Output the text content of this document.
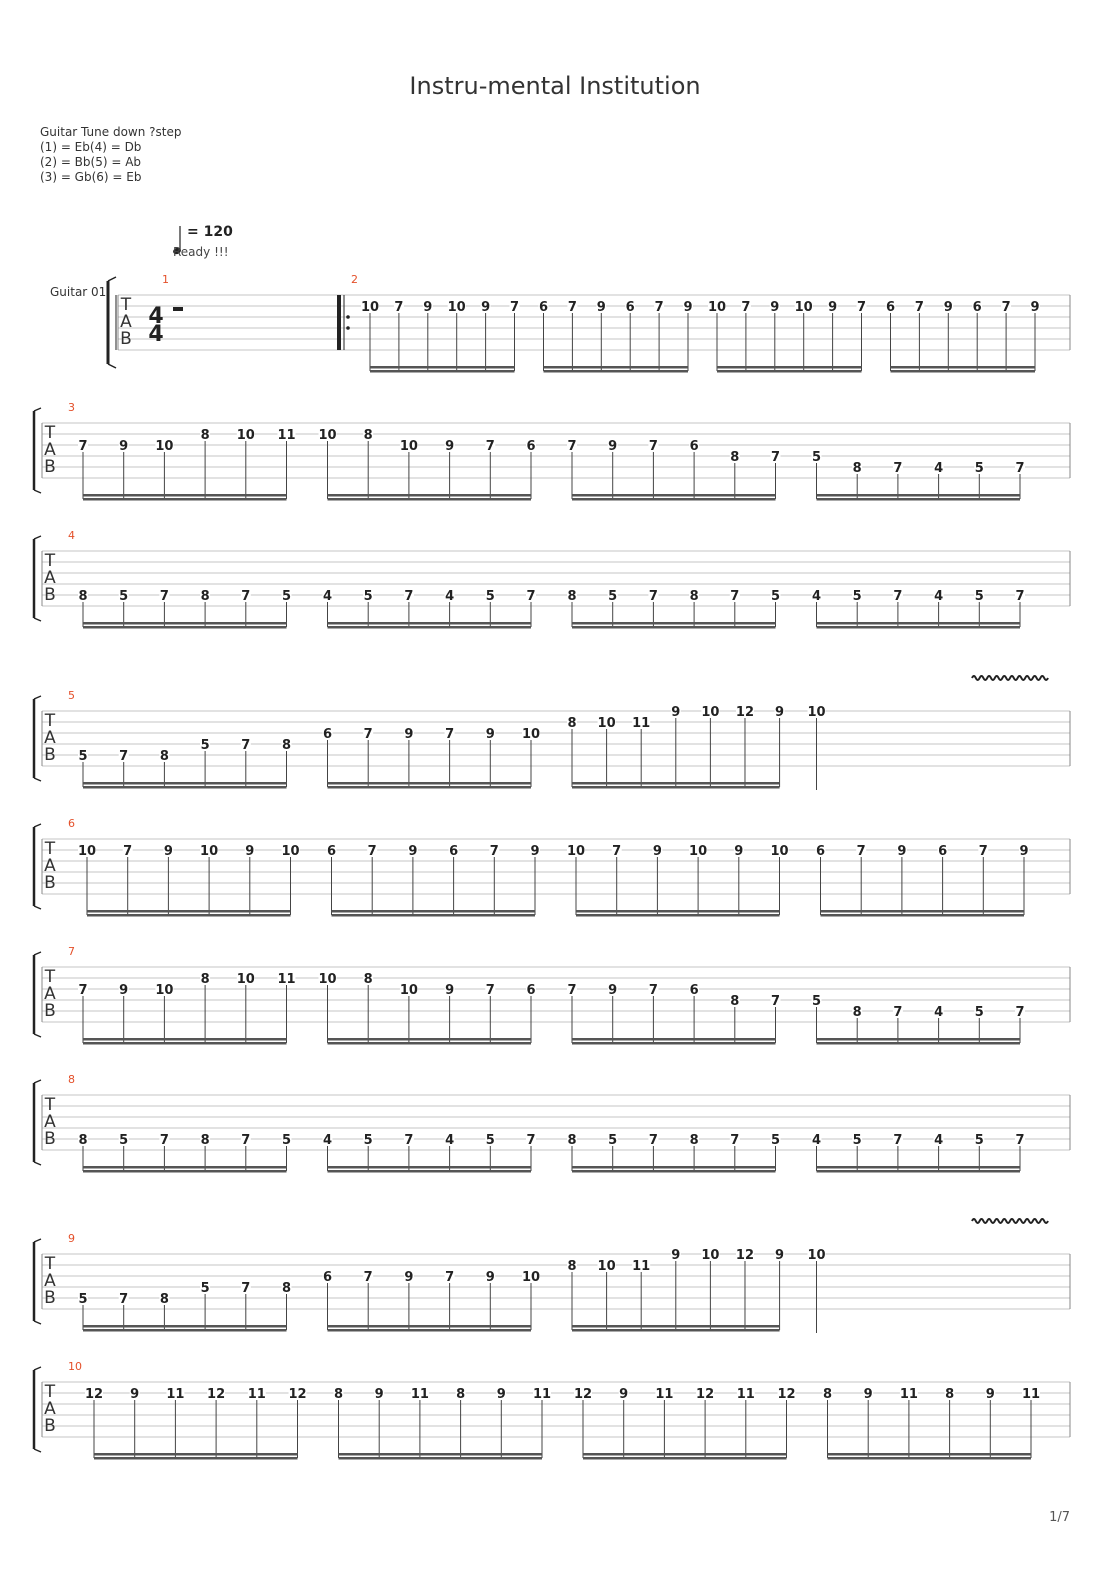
Instru-mental Institution
Guitar Tune down ?step
(1) = Eb(4) = Db
(2) = Bb(5) = Ab
(3) = Gb(6) = Eb
= 120
Ready !!!
Guitar 01
T
A
B
1
4
4
2
10 7 9 10 9 7 6 7 9 6 7 9 10 7 9 10 9 7 6 7 9 6 7 9
T
A
B
3
7 9 10
8 10 11 10 8
10 9 7 6 7 9 7 6
8 7 5
8 7 4 5 7
T
A
B
4
8 5 7 8 7 5 4 5 7 4 5 7 8 5 7 8 7 5 4 5 7 4 5 7
T
A
B
5
5 7 8
5 7 8
6 7 9 7 9 10
8 10 11
9 10 12 9 10
T
A
B
6
10 7 9 10 9 10 6 7 9 6 7 9 10 7 9 10 9 10 6 7 9 6 7 9
T
A
B
7
7 9 10
8 10 11 10 8
10 9 7 6 7 9 7 6
8 7 5
8 7 4 5 7
T
A
B
8
8 5 7 8 7 5 4 5 7 4 5 7 8 5 7 8 7 5 4 5 7 4 5 7
T
A
B
9
5 7 8
5 7 8
6 7 9 7 9 10
8 10 11
9 10 12 9 10
T
A
B
10
12 9 11 12 11 12 8 9 11 8 9 11 12 9 11 12 11 12 8 9 11 8 9 11
1/7
